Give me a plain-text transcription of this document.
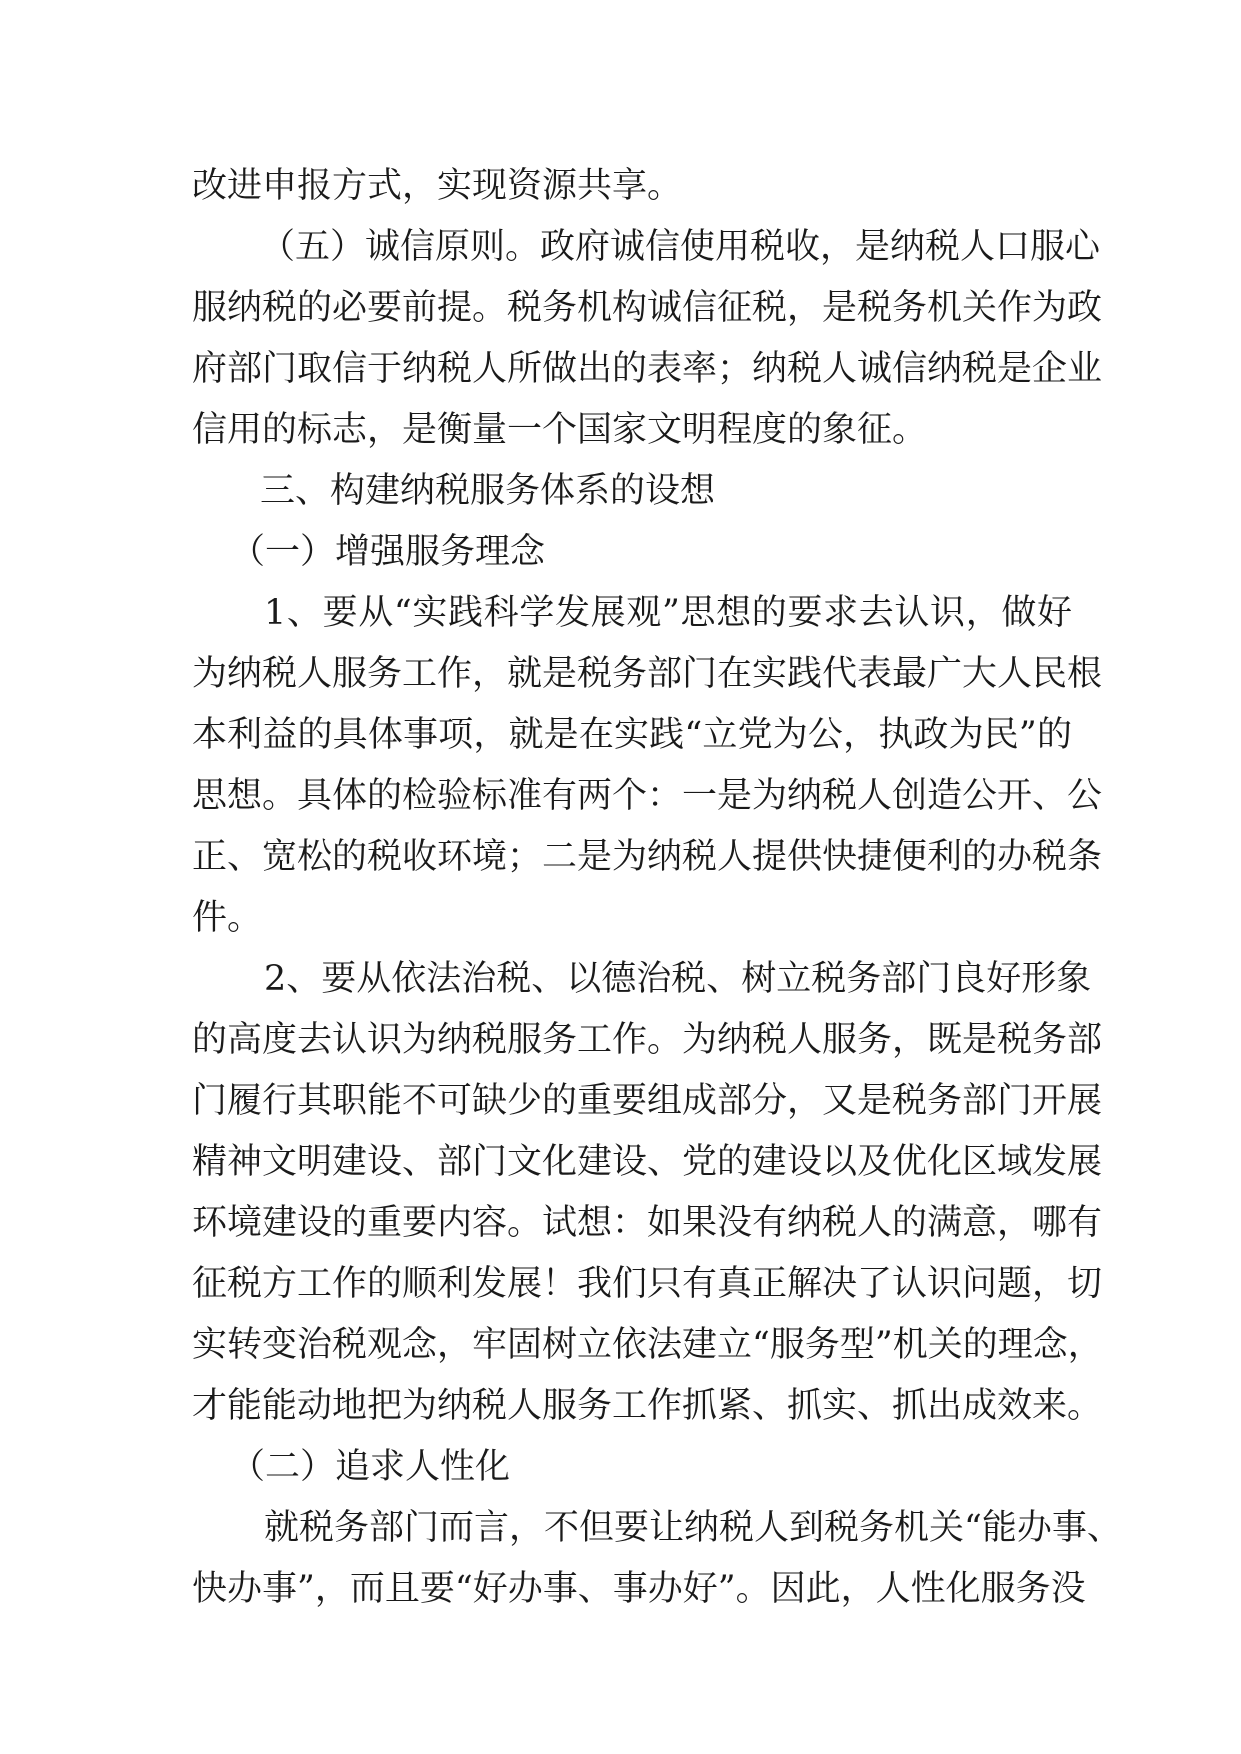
改进申报方式，实现资源共享。
（五）诚信原则。政府诚信使用税收，是纳税人口服心
服纳税的必要前提。税务机构诚信征税，是税务机关作为政
府部门取信于纳税人所做出的表率；纳税人诚信纳税是企业
信用的标志，是衡量一个国家文明程度的象征。
三、构建纳税服务体系的设想
（一）增强服务理念
1、要从“实践科学发展观”思想的要求去认识，做好
为纳税人服务工作，就是税务部门在实践代表最广大人民根
本利益的具体事项，就是在实践“立党为公，执政为民”的
思想。具体的检验标准有两个：一是为纳税人创造公开、公
正、宽松的税收环境；二是为纳税人提供快捷便利的办税条
件。
2、要从依法治税、以德治税、树立税务部门良好形象
的高度去认识为纳税服务工作。为纳税人服务，既是税务部
门履行其职能不可缺少的重要组成部分，又是税务部门开展
精神文明建设、部门文化建设、党的建设以及优化区域发展
环境建设的重要内容。试想：如果没有纳税人的满意，哪有
征税方工作的顺利发展！我们只有真正解决了认识问题，切
实转变治税观念，牢固树立依法建立“服务型”机关的理念，
才能能动地把为纳税人服务工作抓紧、抓实、抓出成效来。
（二）追求人性化
就税务部门而言，不但要让纳税人到税务机关“能办事、
快办事”，而且要“好办事、事办好”。因此，人性化服务没
